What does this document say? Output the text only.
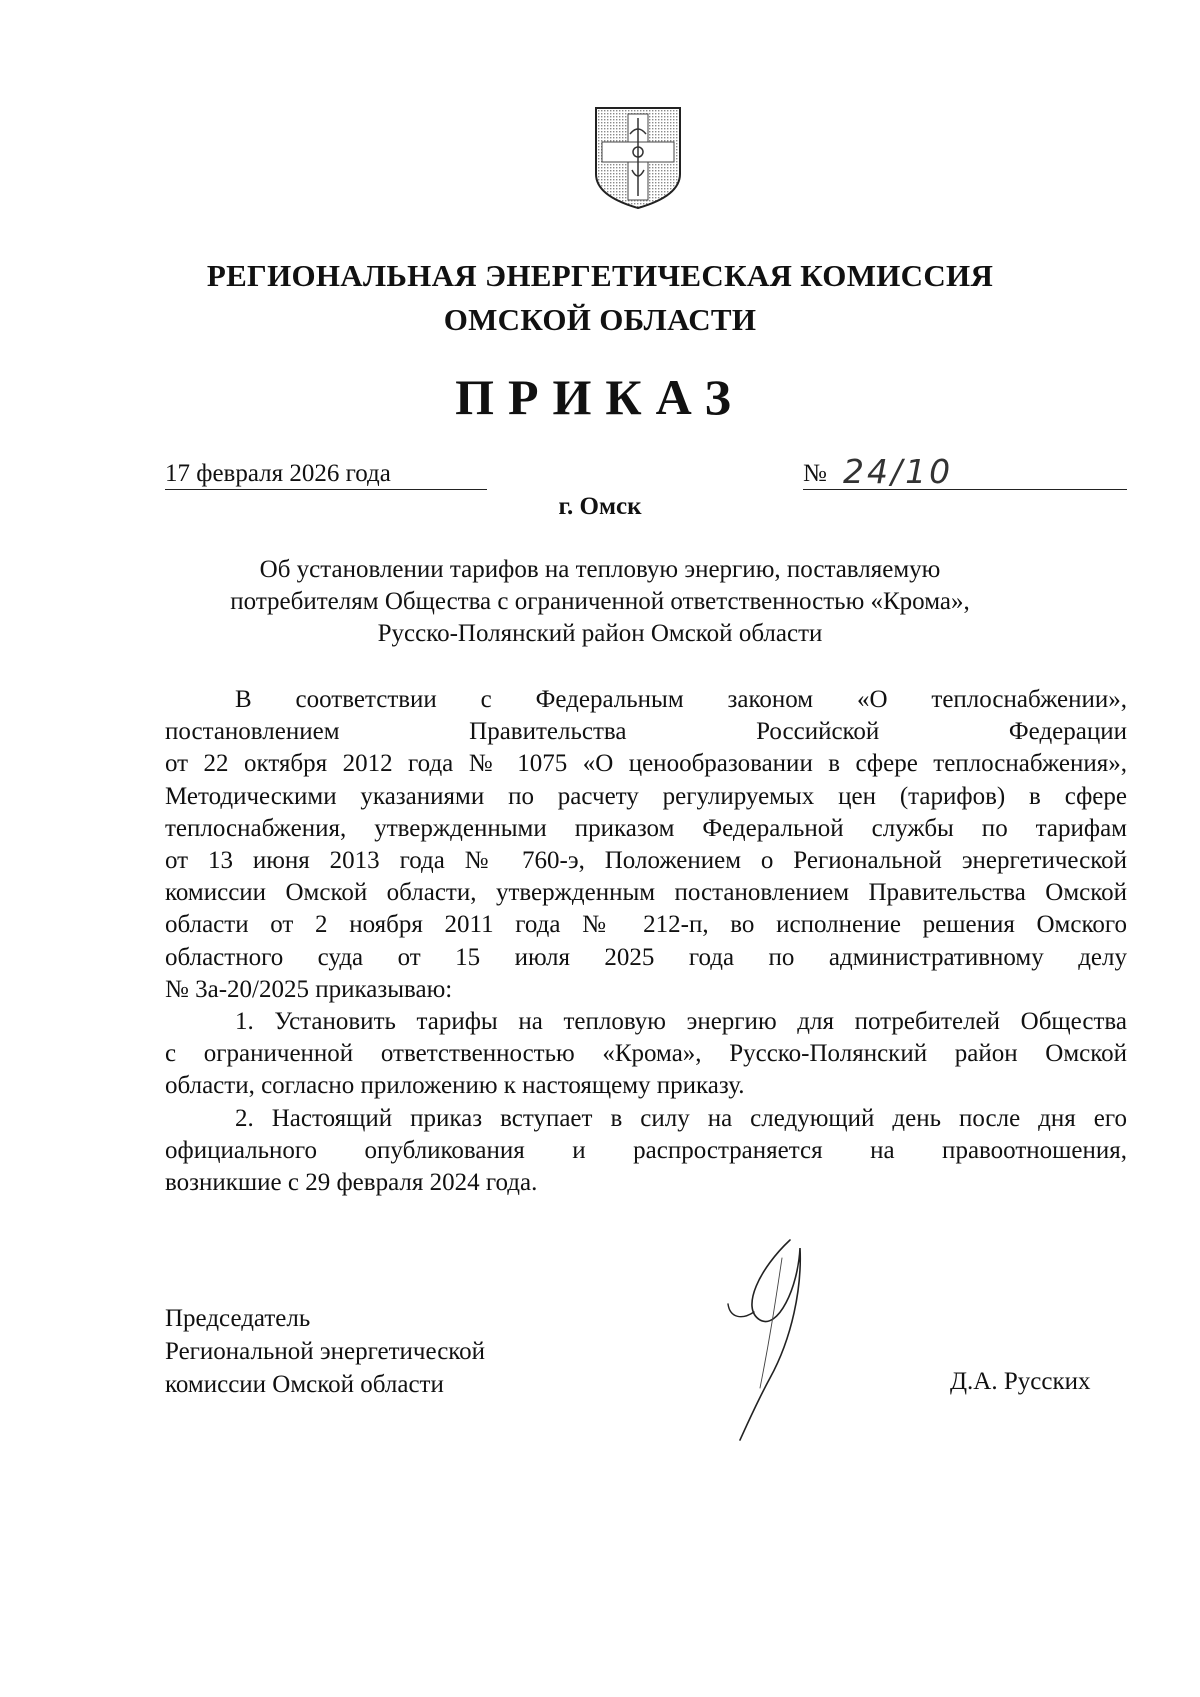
РЕГИОНАЛЬНАЯ ЭНЕРГЕТИЧЕСКАЯ КОМИССИЯ
ОМСКОЙ ОБЛАСТИ
ПРИКАЗ
17 февраля 2026 года	№ 24/10
г. Омск
Об установлении тарифов на тепловую энергию, поставляемую
потребителям Общества с ограниченной ответственностью «Крома»,
Русско-Полянский район Омской области
В соответствии с Федеральным законом «О теплоснабжении»,
постановлением Правительства Российской Федерации
от 22 октября 2012 года № 1075 «О ценообразовании в сфере теплоснабжения»,
Методическими указаниями по расчету регулируемых цен (тарифов) в сфере
теплоснабжения, утвержденными приказом Федеральной службы по тарифам
от 13 июня 2013 года № 760-э, Положением о Региональной энергетической
комиссии Омской области, утвержденным постановлением Правительства Омской
области от 2 ноября 2011 года № 212-п, во исполнение решения Омского
областного суда от 15 июля 2025 года по административному делу
№ 3а-20/2025 приказываю:
1. Установить тарифы на тепловую энергию для потребителей Общества
с ограниченной ответственностью «Крома», Русско-Полянский район Омской
области, согласно приложению к настоящему приказу.
2. Настоящий приказ вступает в силу на следующий день после дня его
официального опубликования и распространяется на правоотношения,
возникшие с 29 февраля 2024 года.
Председатель
Региональной энергетической
комиссии Омской области	Д.А. Русских
